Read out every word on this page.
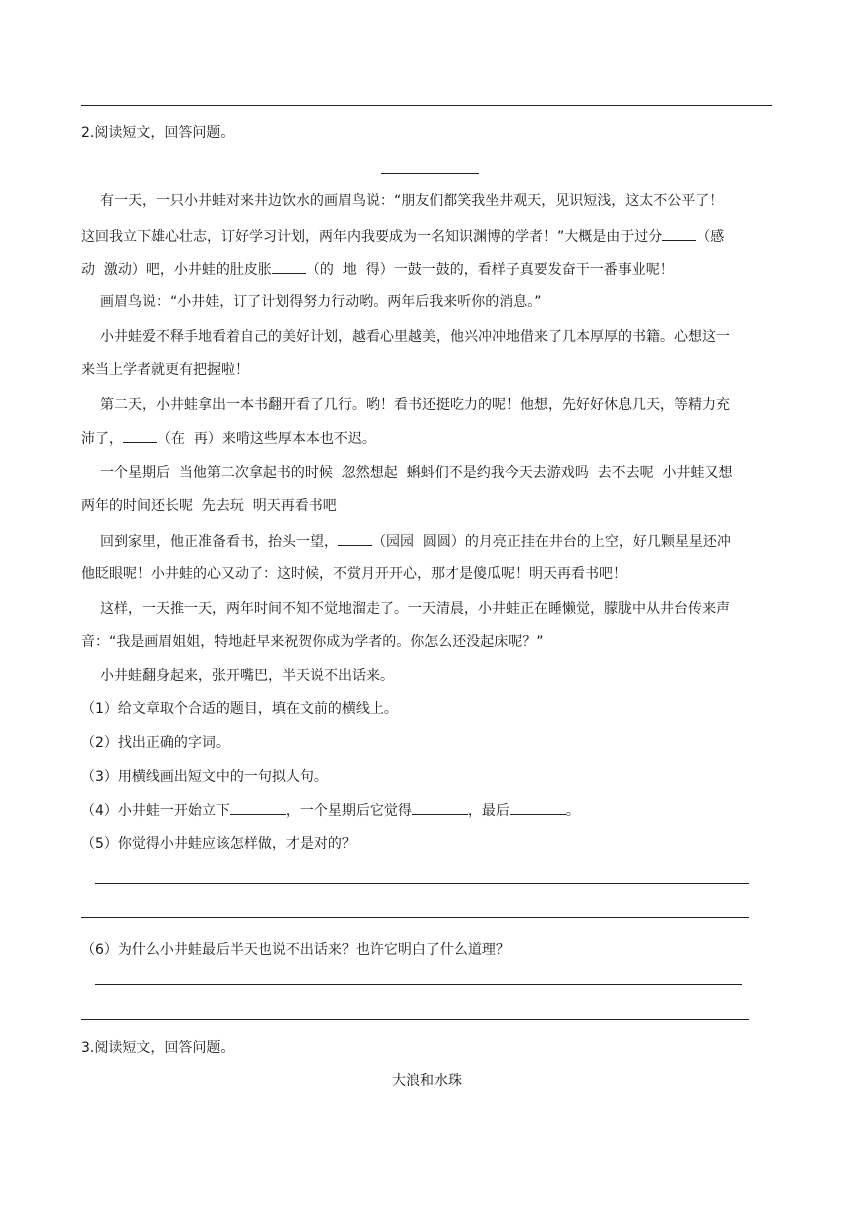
2.阅读短文，回答问题。
有一天，一只小井蛙对来井边饮水的画眉鸟说：“朋友们都笑我坐井观天，见识短浅，这太不公平了！
这回我立下雄心壮志，订好学习计划，两年内我要成为一名知识渊博的学者！”大概是由于过分 （感
动  激动）吧，小井蛙的肚皮胀 （的  地  得）一鼓一鼓的，看样子真要发奋干一番事业呢！
画眉鸟说：“小井娃，订了计划得努力行动哟。两年后我来听你的消息。”
小井蛙爱不释手地看着自己的美好计划，越看心里越美，他兴冲冲地借来了几本厚厚的书籍。心想这一
来当上学者就更有把握啦！
第二天，小井蛙拿出一本书翻开看了几行。哟！看书还挺吃力的呢！他想，先好好休息几天，等精力充
沛了， （在  再）来啃这些厚本本也不迟。
一个星期后  当他第二次拿起书的时候  忽然想起  蝌蚪们不是约我今天去游戏吗  去不去呢  小井蛙又想
两年的时间还长呢  先去玩  明天再看书吧
回到家里，他正准备看书，抬头一望， （园园  圆圆）的月亮正挂在井台的上空，好几颗星星还冲
他眨眼呢！小井蛙的心又动了：这时候，不赏月开开心，那才是傻瓜呢！明天再看书吧！
这样，一天推一天，两年时间不知不觉地溜走了。一天清晨，小井蛙正在睡懒觉，朦胧中从井台传来声
音：“我是画眉姐姐，特地赶早来祝贺你成为学者的。你怎么还没起床呢？”
小井蛙翻身起来，张开嘴巴，半天说不出话来。
（1）给文章取个合适的题目，填在文前的横线上。
（2）找出正确的字词。
（3）用横线画出短文中的一句拟人句。
（4）小井蛙一开始立下	，一个星期后它觉得	，最后	。
（5）你觉得小井蛙应该怎样做，才是对的？
（6）为什么小井蛙最后半天也说不出话来？也许它明白了什么道理？
3.阅读短文，回答问题。
大浪和水珠
